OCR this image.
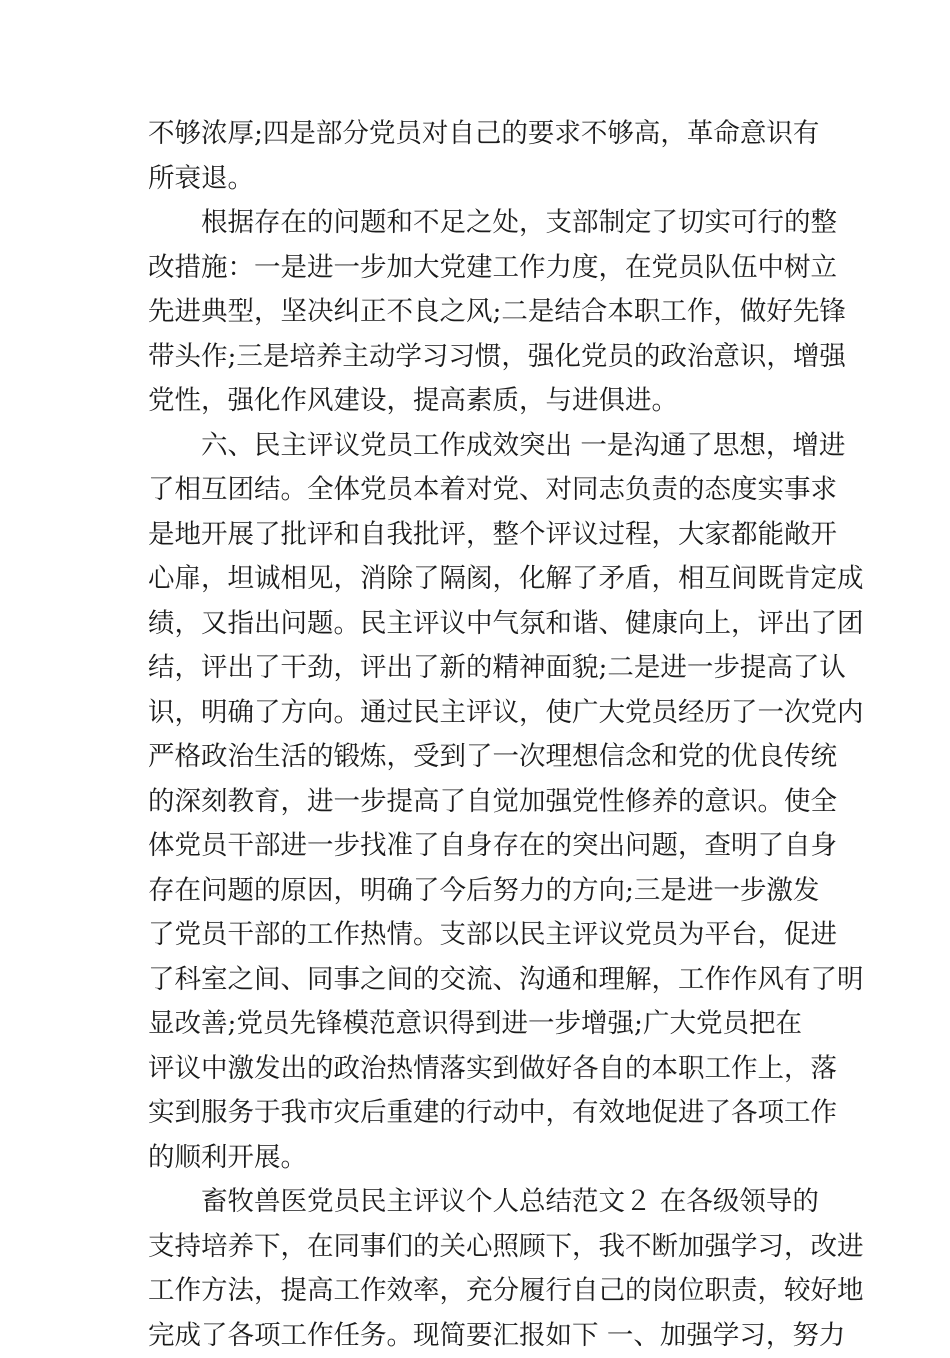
不够浓厚;四是部分党员对自己的要求不够高，革命意识有
所衰退。
根据存在的问题和不足之处，支部制定了切实可行的整
改措施：一是进一步加大党建工作力度，在党员队伍中树立
先进典型，坚决纠正不良之风;二是结合本职工作，做好先锋
带头作;三是培养主动学习习惯，强化党员的政治意识，增强
党性，强化作风建设，提高素质，与进俱进。
六、民主评议党员工作成效突出 一是沟通了思想，增进
了相互团结。全体党员本着对党、对同志负责的态度实事求
是地开展了批评和自我批评，整个评议过程，大家都能敞开
心扉，坦诚相见，消除了隔阂，化解了矛盾，相互间既肯定成
绩，又指出问题。民主评议中气氛和谐、健康向上，评出了团
结，评出了干劲，评出了新的精神面貌;二是进一步提高了认
识，明确了方向。通过民主评议，使广大党员经历了一次党内
严格政治生活的锻炼，受到了一次理想信念和党的优良传统
的深刻教育，进一步提高了自觉加强党性修养的意识。使全
体党员干部进一步找准了自身存在的突出问题，查明了自身
存在问题的原因，明确了今后努力的方向;三是进一步激发
了党员干部的工作热情。支部以民主评议党员为平台，促进
了科室之间、同事之间的交流、沟通和理解，工作作风有了明
显改善;党员先锋模范意识得到进一步增强;广大党员把在
评议中激发出的政治热情落实到做好各自的本职工作上，落
实到服务于我市灾后重建的行动中，有效地促进了各项工作
的顺利开展。
畜牧兽医党员民主评议个人总结范文２ 在各级领导的
支持培养下，在同事们的关心照顾下，我不断加强学习，改进
工作方法，提高工作效率，充分履行自己的岗位职责，较好地
完成了各项工作任务。现简要汇报如下 一、加强学习，努力
